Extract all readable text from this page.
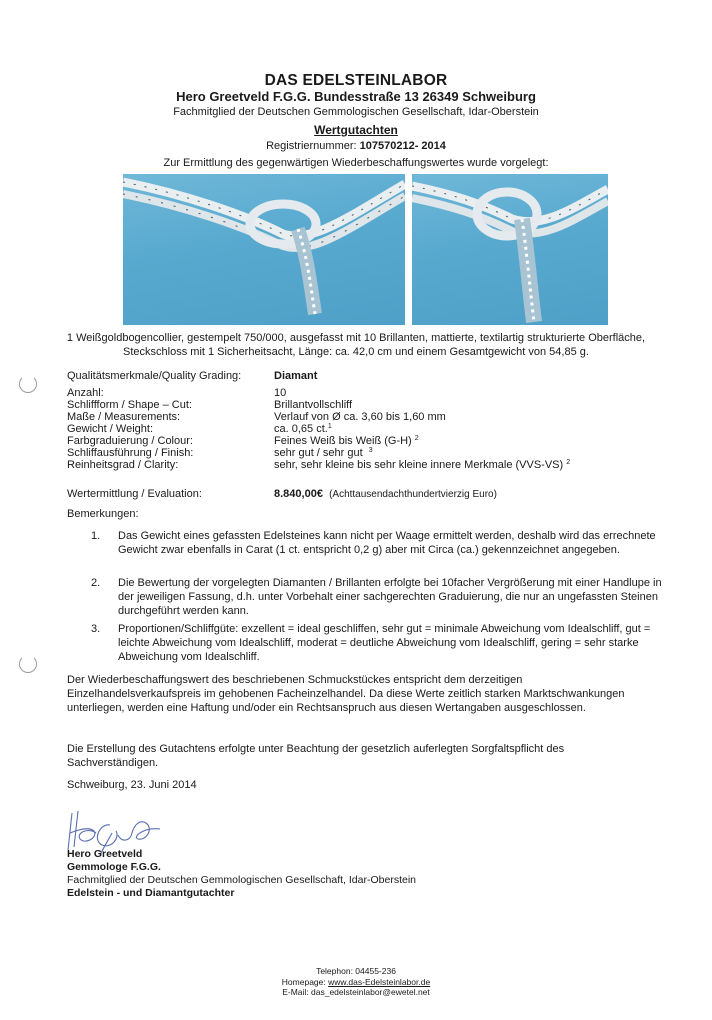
DAS EDELSTEINLABOR
Hero Greetveld F.G.G. Bundesstraße 13 26349 Schweiburg
Fachmitglied der Deutschen Gemmologischen Gesellschaft, Idar-Oberstein
Wertgutachten
Registriernummer: 107570212- 2014
Zur Ermittlung des gegenwärtigen Wiederbeschaffungswertes wurde vorgelegt:
1 Weißgoldbogencollier, gestempelt 750/000, ausgefasst mit 10 Brillanten, mattierte, textilartig strukturierte Oberfläche,
Steckschloss mit 1 Sicherheitsacht, Länge: ca. 42,0 cm und einem Gesamtgewicht von 54,85 g.
Qualitätsmerkmale/Quality Grading:	Diamant
Anzahl:	10
Schliffform / Shape – Cut:	Brillantvollschliff
Maße / Measurements:	Verlauf von Ø ca. 3,60 bis 1,60 mm
Gewicht / Weight:	ca. 0,65 ct.$^1$
Farbgraduierung / Colour:	Feines Weiß bis Weiß (G-H) $^2$
Schliffausführung / Finish:	sehr gut / sehr gut $^3$
Reinheitsgrad / Clarity:	sehr, sehr kleine bis sehr kleine innere Merkmale (VVS-VS) $^2$
Wertermittlung / Evaluation:	8.840,00€ (Achttausendachthundertvierzig Euro)
Bemerkungen:
1. Das Gewicht eines gefassten Edelsteines kann nicht per Waage ermittelt werden, deshalb wird das errechnete Gewicht zwar ebenfalls in Carat (1 ct. entspricht 0,2 g) aber mit Circa (ca.) gekennzeichnet angegeben.
2. Die Bewertung der vorgelegten Diamanten / Brillanten erfolgte bei 10facher Vergrößerung mit einer Handlupe in der jeweiligen Fassung, d.h. unter Vorbehalt einer sachgerechten Graduierung, die nur an ungefassten Steinen durchgeführt werden kann.
3. Proportionen/Schliffgüte: exzellent = ideal geschliffen, sehr gut = minimale Abweichung vom Idealschliff, gut = leichte Abweichung vom Idealschliff, moderat = deutliche Abweichung vom Idealschliff, gering = sehr starke Abweichung vom Idealschliff.
Der Wiederbeschaffungswert des beschriebenen Schmuckstückes entspricht dem derzeitigen Einzelhandelsverkaufspreis im gehobenen Facheinzelhandel. Da diese Werte zeitlich starken Marktschwankungen unterliegen, werden eine Haftung und/oder ein Rechtsanspruch aus diesen Wertangaben ausgeschlossen.
Die Erstellung des Gutachtens erfolgte unter Beachtung der gesetzlich auferlegten Sorgfaltspflicht des Sachverständigen.
Schweiburg, 23. Juni 2014
Hero Greetveld
Gemmologe F.G.G.
Fachmitglied der Deutschen Gemmologischen Gesellschaft, Idar-Oberstein
Edelstein - und Diamantgutachter
Telephon: 04455-236
Homepage: www.das-Edelsteinlabor.de
E-Mail: das_edelsteinlabor@ewetel.net
